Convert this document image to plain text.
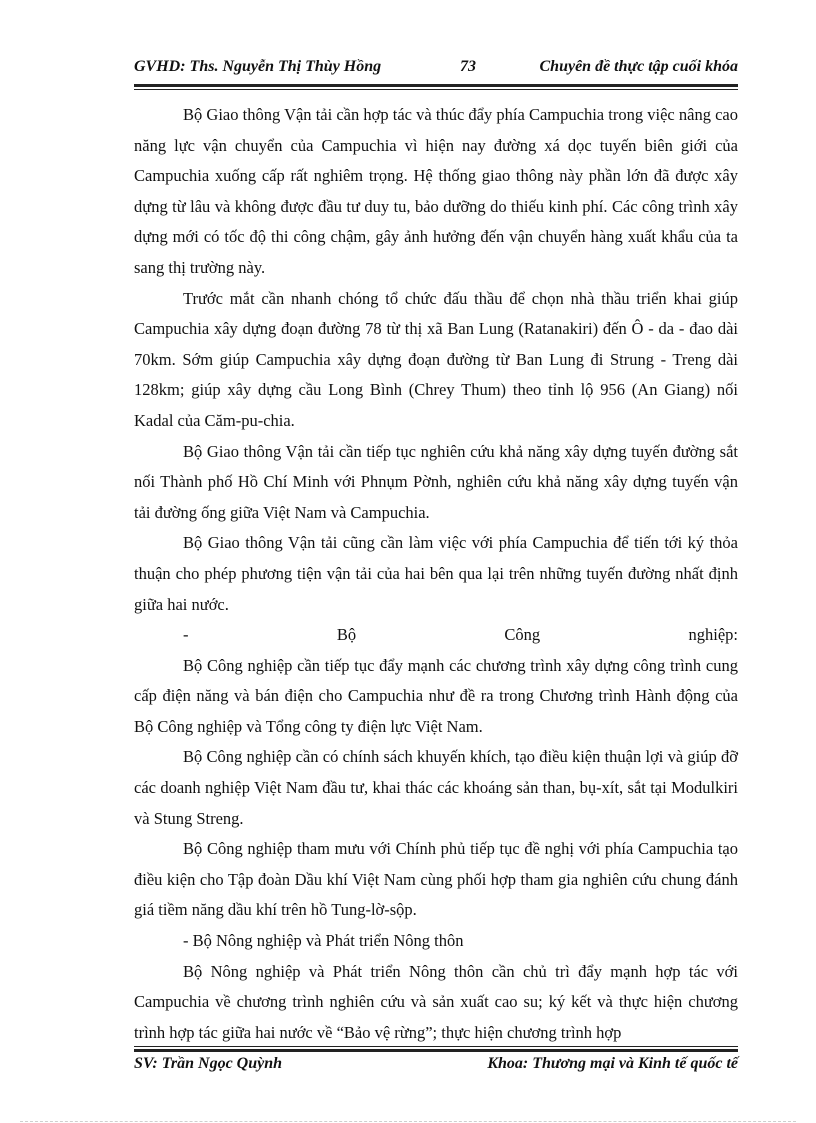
GVHD: Ths. Nguyễn Thị Thùy Hồng	73	Chuyên đề thực tập cuối khóa

Bộ Giao thông Vận tải cần hợp tác và thúc đẩy phía Campuchia trong việc nâng cao năng lực vận chuyển của Campuchia vì hiện nay đường xá dọc tuyến biên giới của Campuchia xuống cấp rất nghiêm trọng. Hệ thống giao thông này phần lớn đã được xây dựng từ lâu và không được đầu tư duy tu, bảo dưỡng do thiếu kinh phí. Các công trình xây dựng mới có tốc độ thi công chậm, gây ảnh hưởng đến vận chuyển hàng xuất khẩu của ta sang thị trường này.

Trước mắt cần nhanh chóng tổ chức đấu thầu để chọn nhà thầu triển khai giúp Campuchia xây dựng đoạn đường 78 từ thị xã Ban Lung (Ratanakiri) đến Ô - da - đao dài 70km. Sớm giúp Campuchia xây dựng đoạn đường từ Ban Lung đi Strung - Treng dài 128km; giúp xây dựng cầu Long Bình (Chrey Thum) theo tỉnh lộ 956 (An Giang) nối Kadal của Căm-pu-chia.

Bộ Giao thông Vận tải cần tiếp tục nghiên cứu khả năng xây dựng tuyến đường sắt nối Thành phố Hồ Chí Minh với Phnụm Pờnh, nghiên cứu khả năng xây dựng tuyến vận tải đường ống giữa Việt Nam và Campuchia.

Bộ Giao thông Vận tải cũng cần làm việc với phía Campuchia để tiến tới ký thỏa thuận cho phép phương tiện vận tải của hai bên qua lại trên những tuyến đường nhất định giữa hai nước.

- Bộ Công nghiệp:

Bộ Công nghiệp cần tiếp tục đẩy mạnh các chương trình xây dựng công trình cung cấp điện năng và bán điện cho Campuchia như đề ra trong Chương trình Hành động của Bộ Công nghiệp và Tổng công ty điện lực Việt Nam.

Bộ Công nghiệp cần có chính sách khuyến khích, tạo điều kiện thuận lợi và giúp đỡ các doanh nghiệp Việt Nam đầu tư, khai thác các khoáng sản than, bụ-xít, sắt tại Modulkiri và Stung Streng.

Bộ Công nghiệp tham mưu với Chính phủ tiếp tục đề nghị với phía Campuchia tạo điều kiện cho Tập đoàn Dầu khí Việt Nam cùng phối hợp tham gia nghiên cứu chung đánh giá tiềm năng dầu khí trên hồ Tung-lờ-sộp.

- Bộ Nông nghiệp và Phát triển Nông thôn

Bộ Nông nghiệp và Phát triển Nông thôn cần chủ trì đẩy mạnh hợp tác với Campuchia về chương trình nghiên cứu và sản xuất cao su; ký kết và thực hiện chương trình hợp tác giữa hai nước về “Bảo vệ rừng”; thực hiện chương trình hợp

SV: Trần Ngọc Quỳnh	Khoa: Thương mại và Kinh tế quốc tế
